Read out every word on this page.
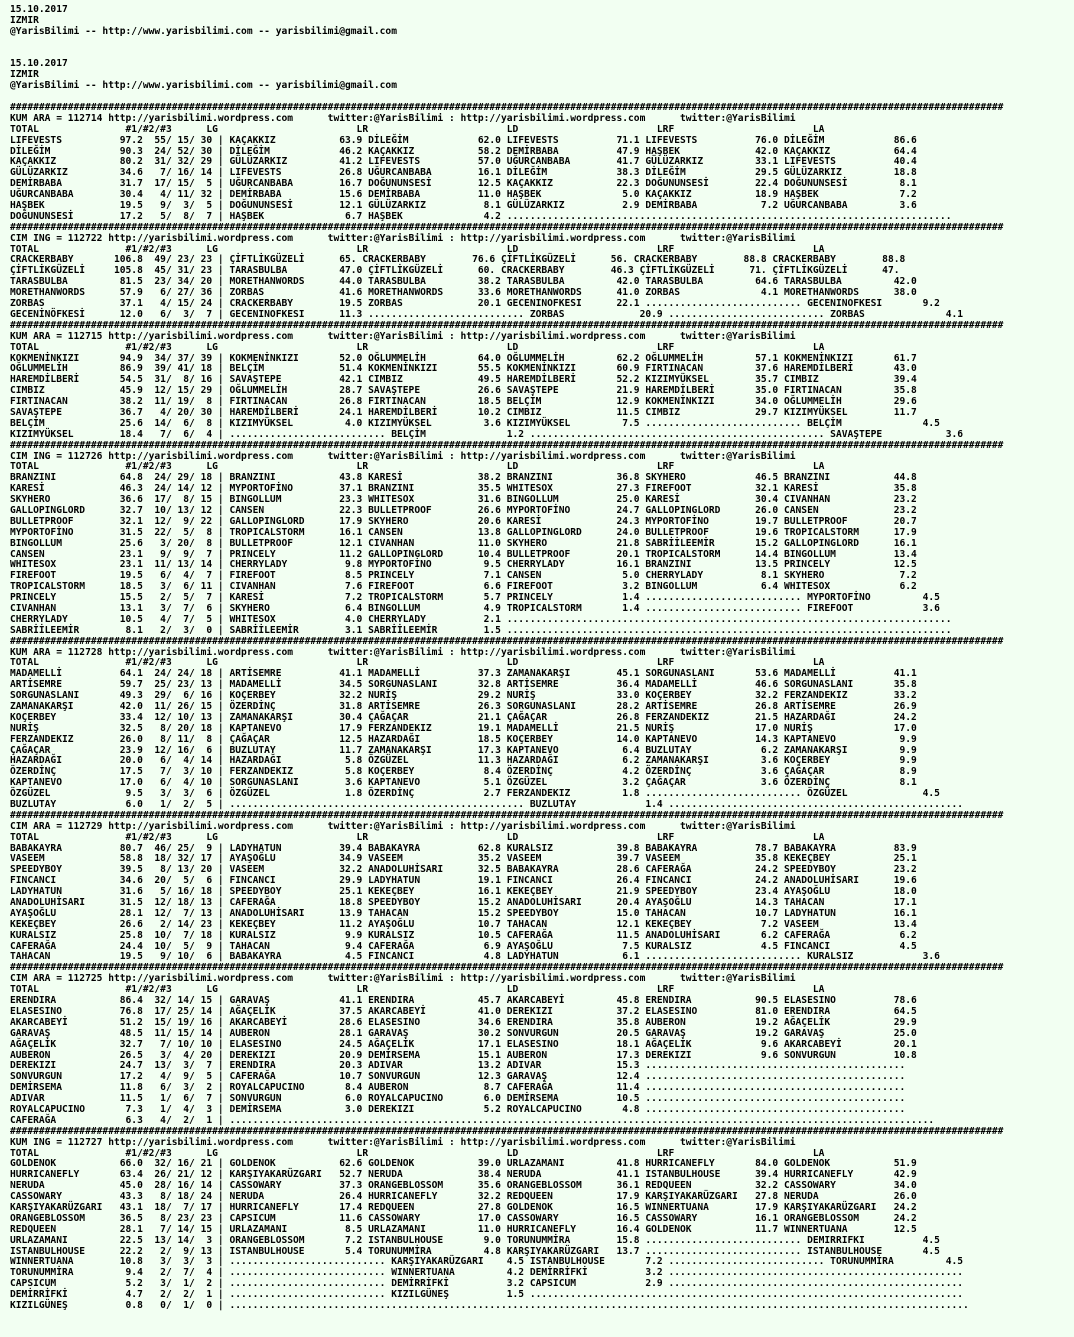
15.10.2017
IZMIR
@YarisBilimi -- http://www.yarisbilimi.com -- yarisbilimi@gmail.com
15.10.2017
IZMIR
@YarisBilimi -- http://www.yarisbilimi.com -- yarisbilimi@gmail.com
############################################################################################################################################################################
KUM ARA = 112714 http://yarisbilimi.wordpress.com      twitter:@YarisBilimi : http://yarisbilimi.wordpress.com      twitter:@YarisBilimi
TOTAL               #1/#2/#3      LG                        LR                        LD                        LRF                        LA
LIFEVESTS          97.2  55/ 15/ 30 | KAÇAKKIZ           63.9 DİLEĞİM            62.0 LIFEVESTS          71.1 LIFEVESTS          76.0 DİLEĞİM            86.6
DİLEĞİM            90.3  24/ 52/ 30 | DİLEĞİM            46.2 KAÇAKKIZ           58.2 DEMİRBABA          47.9 HAŞBEK             42.0 KAÇAKKIZ           64.4
KAÇAKKIZ           80.2  31/ 32/ 29 | GÜLÜZARKIZ         41.2 LIFEVESTS          57.0 UĞURCANBABA        41.7 GÜLÜZARKIZ         33.1 LIFEVESTS          40.4
GÜLÜZARKIZ         34.6   7/ 16/ 14 | LIFEVESTS          26.8 UĞURCANBABA        16.1 DİLEĞİM            38.3 DİLEĞİM            29.5 GÜLÜZARKIZ         18.8
DEMİRBABA          31.7  17/ 15/  5 | UĞURCANBABA        16.7 DOĞUNUNSESİ        12.5 KAÇAKKIZ           22.3 DOĞUNUNSESİ        22.4 DOĞUNUNSESİ         8.1
UĞURCANBABA        30.4   4/ 11/ 32 | DEMİRBABA          15.6 DEMİRBABA          11.0 HAŞBEK              5.0 KAÇAKKIZ           18.9 HAŞBEK              7.2
HAŞBEK             19.5   9/  3/  5 | DOĞUNUNSESİ        12.1 GÜLÜZARKIZ          8.1 GÜLÜZARKIZ          2.9 DEMİRBABA           7.2 UĞURCANBABA         3.6
DOĞUNUNSESİ        17.2   5/  8/  7 | HAŞBEK              6.7 HAŞBEK              4.2 .............................................................................
############################################################################################################################################################################
CIM ING = 112722 http://yarisbilimi.wordpress.com      twitter:@YarisBilimi : http://yarisbilimi.wordpress.com      twitter:@YarisBilimi
TOTAL               #1/#2/#3      LG                        LR                        LD                        LRF                        LA
CRACKERBABY       106.8  49/ 23/ 23 | ÇİFTLİKGÜZELİ      65. CRACKERBABY        76.6 ÇİFTLİKGÜZELİ      56. CRACKERBABY        88.8 CRACKERBABY        88.8
ÇİFTLİKGÜZELİ     105.8  45/ 31/ 23 | TARASBULBA         47.0 ÇİFTLİKGÜZELİ      60. CRACKERBABY        46.3 ÇİFTLİKGÜZELİ      71. ÇİFTLİKGÜZELİ      47.
TARASBULBA         81.5  23/ 34/ 20 | MORETHANWORDS      44.0 TARASBULBA         38.2 TARASBULBA         42.0 TARASBULBA         64.6 TARASBULBA         42.0
MORETHANWORDS      57.9   6/ 27/ 36 | ZORBAS             41.6 MORETHANWORDS      33.6 MORETHANWORDS      41.0 ZORBAS              4.1 MORETHANWORDS      38.0
ZORBAS             37.1   4/ 15/ 24 | CRACKERBABY        19.5 ZORBAS             20.1 GECENINOFKESI      22.1 ........................... GECENINOFKESI       9.2
GECENİNÖFKESİ      12.0   6/  3/  7 | GECENINOFKESI      11.3 ........................... ZORBAS             20.9 ........................... ZORBAS              4.1
############################################################################################################################################################################
KUM ARA = 112715 http://yarisbilimi.wordpress.com      twitter:@YarisBilimi : http://yarisbilimi.wordpress.com      twitter:@YarisBilimi
TOTAL               #1/#2/#3      LG                        LR                        LD                        LRF                        LA
KOKMENİNKIZI       94.9  34/ 37/ 39 | KOKMENİNKIZI       52.0 OĞLUMMELİH         64.0 OĞLUMMELİH         62.2 OĞLUMMELİH         57.1 KOKMENİNKIZI       61.7
OĞLUMMELİH         86.9  39/ 41/ 18 | BELÇİM             51.4 KOKMENİNKIZI       55.5 KOKMENİNKIZI       60.9 FIRTINACAN         37.6 HAREMDİLBERİ       43.0
HAREMDİLBERİ       54.5  31/  8/ 16 | SAVAŞTEPE          42.1 CIMBIZ             49.5 HAREMDİLBERİ       52.2 KIZIMYÜKSEL        35.7 CIMBIZ             39.4
CIMBIZ             45.9  12/ 15/ 29 | OĞLUMMELİH         28.7 SAVAŞTEPE          26.6 SAVAŞTEPE          21.9 HAREMDİLBERİ       35.0 FIRTINACAN         35.8
FIRTINACAN         38.2  11/ 19/  8 | FIRTINACAN         26.8 FIRTINACAN         18.5 BELÇİM             12.9 KOKMENİNKIZI       34.0 OĞLUMMELİH         29.6
SAVAŞTEPE          36.7   4/ 20/ 30 | HAREMDİLBERİ       24.1 HAREMDİLBERİ       10.2 CIMBIZ             11.5 CIMBIZ             29.7 KIZIMYÜKSEL        11.7
BELÇİM             25.6  14/  6/  8 | KIZIMYÜKSEL         4.0 KIZIMYÜKSEL         3.6 KIZIMYÜKSEL         7.5 ........................... BELÇİM              4.5
KIZIMYÜKSEL        18.4   7/  6/  4 | ........................... BELÇİM              1.2 ................................................... SAVAŞTEPE           3.6
############################################################################################################################################################################
CIM ING = 112726 http://yarisbilimi.wordpress.com      twitter:@YarisBilimi : http://yarisbilimi.wordpress.com      twitter:@YarisBilimi
TOTAL               #1/#2/#3      LG                        LR                        LD                        LRF                        LA
BRANZINI           64.8  24/ 29/ 18 | BRANZINI           43.8 KARESİ             38.2 BRANZINI           36.8 SKYHERO            46.5 BRANZINI           44.8
KARESİ             46.3  24/ 14/ 12 | MYPORTOFİNO        37.1 BRANZINI           35.5 WHITESOX           27.3 FIREFOOT           32.1 KARESİ             35.8
SKYHERO            36.6  17/  8/ 15 | BINGOLLUM          23.3 WHITESOX           31.6 BINGOLLUM          25.0 KARESİ             30.4 CIVANHAN           23.2
GALLOPINGLORD      32.7  10/ 13/ 12 | CANSEN             22.3 BULLETPROOF        26.6 MYPORTOFİNO        24.7 GALLOPINGLORD      26.0 CANSEN             23.2
BULLETPROOF        32.1  12/  9/ 22 | GALLOPINGLORD      17.9 SKYHERO            20.6 KARESİ             24.3 MYPORTOFİNO        19.7 BULLETPROOF        20.7
MYPORTOFİNO        31.5  22/  5/  8 | TROPICALSTORM      16.1 CANSEN             13.8 GALLOPINGLORD      24.0 BULLETPROOF        19.6 TROPICALSTORM      17.9
BINGOLLUM          25.6   3/ 20/  8 | BULLETPROOF        12.1 CIVANHAN           11.0 SKYHERO            21.8 SABRİİLEEMİR       15.2 GALLOPINGLORD      16.1
CANSEN             23.1   9/  9/  7 | PRINCELY           11.2 GALLOPINGLORD      10.4 BULLETPROOF        20.1 TROPICALSTORM      14.4 BINGOLLUM          13.4
WHITESOX           23.1  11/ 13/ 14 | CHERRYLADY          9.8 MYPORTOFİNO         9.5 CHERRYLADY         16.1 BRANZINI           13.5 PRINCELY           12.5
FIREFOOT           19.5   6/  4/  7 | FIREFOOT            8.5 PRINCELY            7.1 CANSEN              5.0 CHERRYLADY          8.1 SKYHERO             7.2
TROPICALSTORM      18.5   3/  6/ 11 | CIVANHAN            7.6 FIREFOOT            6.6 FIREFOOT            3.2 BINGOLLUM           6.4 WHITESOX            6.2
PRINCELY           15.5   2/  5/  7 | KARESİ              7.2 TROPICALSTORM       5.7 PRINCELY            1.4 ........................... MYPORTOFİNO         4.5
CIVANHAN           13.1   3/  7/  6 | SKYHERO             6.4 BINGOLLUM           4.9 TROPICALSTORM       1.4 ........................... FIREFOOT            3.6
CHERRYLADY         10.5   4/  7/  5 | WHITESOX            4.0 CHERRYLADY          2.1 .............................................................................
SABRİİLEEMİR        8.1   2/  3/  0 | SABRİİLEEMİR        3.1 SABRİİLEEMİR        1.5 .............................................................................
############################################################################################################################################################################
KUM ARA = 112728 http://yarisbilimi.wordpress.com      twitter:@YarisBilimi : http://yarisbilimi.wordpress.com      twitter:@YarisBilimi
TOTAL               #1/#2/#3      LG                        LR                        LD                        LRF                        LA
MADAMELLİ          64.1  24/ 24/ 18 | ARTİSEMRE          41.1 MADAMELLİ          37.3 ZAMANAKARŞI        45.1 SORGUNASLANI       53.6 MADAMELLİ          41.1
ARTİSEMRE          59.7  25/ 23/ 13 | MADAMELLİ          34.5 SORGUNASLANI       32.8 ARTİSEMRE          36.4 MADAMELLİ          46.6 SORGUNASLANI       35.8
SORGUNASLANI       49.3  29/  6/ 16 | KOÇERBEY           32.2 NURİŞ              29.2 NURİŞ              33.0 KOÇERBEY           32.2 FERZANDEKIZ        33.2
ZAMANAKARŞI        42.0  11/ 26/ 15 | ÖZERDİNÇ           31.8 ARTİSEMRE          26.3 SORGUNASLANI       28.2 ARTİSEMRE          26.8 ARTİSEMRE          26.9
KOÇERBEY           33.4  12/ 10/ 13 | ZAMANAKARŞI        30.4 ÇAĞAÇAR            21.1 ÇAĞAÇAR            26.8 FERZANDEKIZ        21.5 HAZARDAĞI          24.2
NURİŞ              32.5   8/ 20/ 18 | KAPTANEVO          17.9 FERZANDEKIZ        19.1 MADAMELLİ          21.5 NURİŞ              17.0 NURİŞ              17.0
FERZANDEKIZ        26.0   8/ 11/  8 | ÇAĞAÇAR            12.5 HAZARDAĞI          18.5 KOÇERBEY           14.0 KAPTANEVO          14.3 KAPTANEVO           9.9
ÇAĞAÇAR            23.9  12/ 16/  6 | BUZLUTAY           11.7 ZAMANAKARŞI        17.3 KAPTANEVO           6.4 BUZLUTAY            6.2 ZAMANAKARŞI         9.9
HAZARDAĞI          20.0   6/  4/ 14 | HAZARDAĞI           5.8 ÖZGÜZEL            11.3 HAZARDAĞI           6.2 ZAMANAKARŞI         3.6 KOÇERBEY            9.9
ÖZERDİNÇ           17.5   7/  3/ 10 | FERZANDEKIZ         5.8 KOÇERBEY            8.4 ÖZERDİNÇ            4.2 ÖZERDİNÇ            3.6 ÇAĞAÇAR             8.9
KAPTANEVO          17.0   6/  4/ 10 | SORGUNASLANI        3.6 KAPTANEVO           5.1 ÖZGÜZEL             3.2 ÇAĞAÇAR             3.6 ÖZERDİNÇ            8.1
ÖZGÜZEL             9.5   3/  3/  6 | ÖZGÜZEL             1.8 ÖZERDİNÇ            2.7 FERZANDEKIZ         1.8 ........................... ÖZGÜZEL             4.5
BUZLUTAY            6.0   1/  2/  5 | ................................................... BUZLUTAY            1.4 ...................................................
############################################################################################################################################################################
CIM ARA = 112729 http://yarisbilimi.wordpress.com      twitter:@YarisBilimi : http://yarisbilimi.wordpress.com      twitter:@YarisBilimi
TOTAL               #1/#2/#3      LG                        LR                        LD                        LRF                        LA
BABAKAYRA          80.7  46/ 25/  9 | LADYHATUN          39.4 BABAKAYRA          62.8 KURALSIZ           39.8 BABAKAYRA          78.7 BABAKAYRA          83.9
VASEEM             58.8  18/ 32/ 17 | AYAŞOĞLU           34.9 VASEEM             35.2 VASEEM             39.7 VASEEM             35.8 KEKEÇBEY           25.1
SPEEDYBOY          39.5   8/ 13/ 20 | VASEEM             32.2 ANADOLUHİSARI      32.5 BABAKAYRA          28.6 CAFERAĞA           24.2 SPEEDYBOY          23.2
FINCANCI           34.6  20/  5/  6 | FINCANCI           29.9 LADYHATUN          19.1 FINCANCI           26.4 FINCANCI           24.2 ANADOLUHİSARI      19.6
LADYHATUN          31.6   5/ 16/ 18 | SPEEDYBOY          25.1 KEKEÇBEY           16.1 KEKEÇBEY           21.9 SPEEDYBOY          23.4 AYAŞOĞLU           18.0
ANADOLUHİSARI      31.5  12/ 18/ 13 | CAFERAĞA           18.8 SPEEDYBOY          15.2 ANADOLUHİSARI      20.4 AYAŞOĞLU           14.3 TAHACAN            17.1
AYAŞOĞLU           28.1  12/  7/ 13 | ANADOLUHİSARI      13.9 TAHACAN            15.2 SPEEDYBOY          15.0 TAHACAN            10.7 LADYHATUN          16.1
KEKEÇBEY           26.6   2/ 14/ 23 | KEKEÇBEY           11.2 AYAŞOĞLU           10.7 TAHACAN            12.1 KEKEÇBEY            7.2 VASEEM             13.4
KURALSIZ           25.8  10/  7/ 18 | KURALSIZ            9.9 KURALSIZ           10.5 CAFERAĞA           11.5 ANADOLUHİSARI       6.2 CAFERAĞA            6.2
CAFERAĞA           24.4  10/  5/  9 | TAHACAN             9.4 CAFERAĞA            6.9 AYAŞOĞLU            7.5 KURALSIZ            4.5 FINCANCI            4.5
TAHACAN            19.5   9/ 10/  6 | BABAKAYRA           4.5 FINCANCI            4.8 LADYHATUN           6.1 ........................... KURALSIZ            3.6
############################################################################################################################################################################
CIM ARA = 112725 http://yarisbilimi.wordpress.com      twitter:@YarisBilimi : http://yarisbilimi.wordpress.com      twitter:@YarisBilimi
TOTAL               #1/#2/#3      LG                        LR                        LD                        LRF                        LA
ERENDIRA           86.4  32/ 14/ 15 | GARAVAŞ            41.1 ERENDIRA           45.7 AKARCABEYİ         45.8 ERENDIRA           90.5 ELASESINO          78.6
ELASESINO          76.8  17/ 25/ 14 | AĞAÇELİK           37.5 AKARCABEYİ         41.0 DEREKIZI           37.2 ELASESINO          81.0 ERENDIRA           64.5
AKARCABEYİ         51.2  15/ 19/ 16 | AKARCABEYİ         28.6 ELASESINO          34.6 ERENDIRA           35.8 AUBERON            19.2 AĞAÇELİK           29.9
GARAVAŞ            48.5  11/ 15/ 14 | AUBERON            28.1 GARAVAŞ            30.2 SONVURGUN          20.5 GARAVAŞ            19.2 GARAVAŞ            25.0
AĞAÇELİK           32.7   7/ 10/ 10 | ELASESINO          24.5 AĞAÇELİK           17.1 ELASESINO          18.1 AĞAÇELİK            9.6 AKARCABEYİ         20.1
AUBERON            26.5   3/  4/ 20 | DEREKIZI           20.9 DEMİRSEMA          15.1 AUBERON            17.3 DEREKIZI            9.6 SONVURGUN          10.8
DEREKIZI           24.7  13/  3/  7 | ERENDIRA           20.3 ADIVAR             13.2 ADIVAR             15.3 .............................................
SONVURGUN          17.2   4/  9/  5 | CAFERAĞA           10.7 SONVURGUN          12.3 GARAVAŞ            12.4 .............................................
DEMİRSEMA          11.8   6/  3/  2 | ROYALCAPUCINO       8.4 AUBERON             8.7 CAFERAĞA           11.4 .............................................
ADIVAR             11.5   1/  6/  7 | SONVURGUN           6.0 ROYALCAPUCINO       6.0 DEMİRSEMA          10.5 .............................................
ROYALCAPUCINO       7.3   1/  4/  3 | DEMİRSEMA           3.0 DEREKIZI            5.2 ROYALCAPUCINO       4.8 .............................................
CAFERAĞA            6.3   4/  2/  1 | ..........................................................................................................................
############################################################################################################################################################################
KUM ING = 112727 http://yarisbilimi.wordpress.com      twitter:@YarisBilimi : http://yarisbilimi.wordpress.com      twitter:@YarisBilimi
TOTAL               #1/#2/#3      LG                        LR                        LD                        LRF                        LA
GOLDENOK           66.0  32/ 16/ 21 | GOLDENOK           62.6 GOLDENOK           39.0 URLAZAMANI         41.8 HURRICANEFLY       84.0 GOLDENOK           51.9
HURRICANEFLY       63.4  26/ 21/ 12 | KARŞIYAKARÜZGARI   52.7 NERUDA             38.4 NERUDA             41.1 ISTANBULHOUSE      39.4 HURRICANEFLY       42.9
NERUDA             45.0  28/ 16/ 14 | CASSOWARY          37.3 ORANGEBLOSSOM      35.6 ORANGEBLOSSOM      36.1 REDQUEEN           32.2 CASSOWARY          34.0
CASSOWARY          43.3   8/ 18/ 24 | NERUDA             26.4 HURRICANEFLY       32.2 REDQUEEN           17.9 KARŞIYAKARÜZGARI   27.8 NERUDA             26.0
KARŞIYAKARÜZGARI   43.1  18/  7/ 17 | HURRICANEFLY       17.4 REDQUEEN           27.8 GOLDENOK           16.5 WINNERTUANA        17.9 KARŞIYAKARÜZGARI   24.2
ORANGEBLOSSOM      36.5   8/ 23/ 23 | CAPSICUM           11.6 CASSOWARY          17.0 CASSOWARY          16.5 CASSOWARY          16.1 ORANGEBLOSSOM      24.2
REDQUEEN           28.1   7/ 14/ 15 | URLAZAMANI          8.5 URLAZAMANI         11.0 HURRICANEFLY       16.4 GOLDENOK           11.7 WINNERTUANA        12.5
URLAZAMANI         22.5  13/ 14/  3 | ORANGEBLOSSOM       7.2 ISTANBULHOUSE       9.0 TORUNUMMİRA        15.8 ........................... DEMIRRIFKI          4.5
ISTANBULHOUSE      22.2   2/  9/ 13 | ISTANBULHOUSE       5.4 TORUNUMMİRA         4.8 KARŞIYAKARÜZGARI   13.7 ........................... ISTANBULHOUSE       4.5
WINNERTUANA        10.8   3/  3/  3 | ........................... KARŞIYAKARÜZGARI    4.5 ISTANBULHOUSE       7.2 ........................... TORUNUMMİRA         4.5
TORUNUMMİRA         9.4   2/  7/  4 | ........................... WINNERTUANA         4.2 DEMİRRİFKİ          3.2 ...................................................
CAPSICUM            5.2   3/  1/  2 | ........................... DEMİRRİFKİ          3.2 CAPSICUM            2.9 ...................................................
DEMİRRİFKİ          4.7   2/  2/  1 | ........................... KIZILGÜNEŞ          1.5 ...........................................................................
KIZILGÜNEŞ          0.8   0/  1/  0 | ................................................................................................................................
